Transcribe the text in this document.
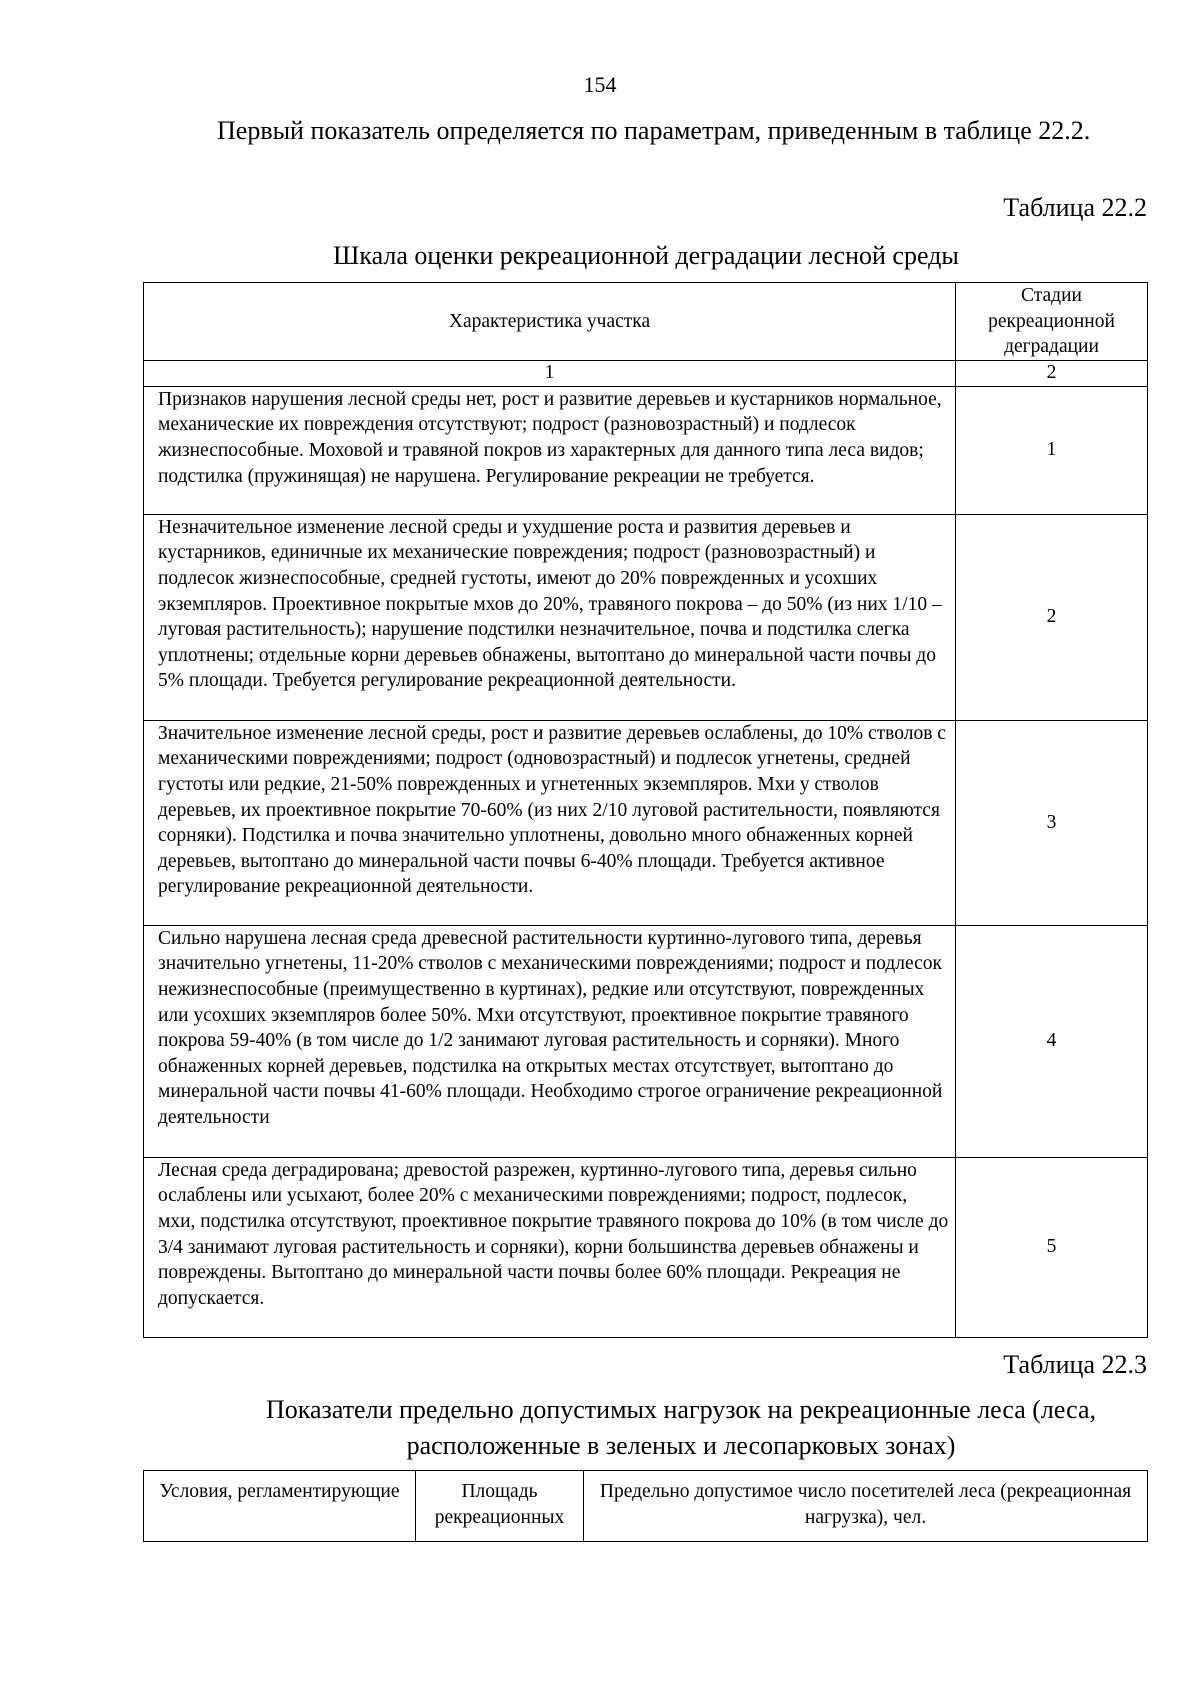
154

Первый показатель определяется по параметрам, приведенным в таблице 22.2.

Таблица 22.2

Шкала оценки рекреационной деградации лесной среды

Характеристика участка	Стадии рекреационной деградации
1	2
Признаков нарушения лесной среды нет, рост и развитие деревьев и кустарников нормальное, механические их повреждения отсутствуют; подрост (разновозрастный) и подлесок жизнеспособные. Моховой и травяной покров из характерных для данного типа леса видов; подстилка (пружинящая) не нарушена. Регулирование рекреации не требуется.	1
Незначительное изменение лесной среды и ухудшение роста и развития деревьев и кустарников, единичные их механические повреждения; подрост (разновозрастный) и подлесок жизнеспособные, средней густоты, имеют до 20% поврежденных и усохших экземпляров. Проективное покрытые мхов до 20%, травяного покрова – до 50% (из них 1/10 – луговая растительность); нарушение подстилки незначительное, почва и подстилка слегка уплотнены; отдельные корни деревьев обнажены, вытоптано до минеральной части почвы до 5% площади. Требуется регулирование рекреационной деятельности.	2
Значительное изменение лесной среды, рост и развитие деревьев ослаблены, до 10% стволов с механическими повреждениями; подрост (одновозрастный) и подлесок угнетены, средней густоты или редкие, 21-50% поврежденных и угнетенных экземпляров. Мхи у стволов деревьев, их проективное покрытие 70-60% (из них 2/10 луговой растительности, появляются сорняки). Подстилка и почва значительно уплотнены, довольно много обнаженных корней деревьев, вытоптано до минеральной части почвы 6-40% площади. Требуется активное регулирование рекреационной деятельности.	3
Сильно нарушена лесная среда древесной растительности куртинно-лугового типа, деревья значительно угнетены, 11-20% стволов с механическими повреждениями; подрост и подлесок нежизнеспособные (преимущественно в куртинах), редкие или отсутствуют, поврежденных или усохших экземпляров более 50%. Мхи отсутствуют, проективное покрытие травяного покрова 59-40% (в том числе до 1/2 занимают луговая растительность и сорняки). Много обнаженных корней деревьев, подстилка на открытых местах отсутствует, вытоптано до минеральной части почвы 41-60% площади. Необходимо строгое ограничение рекреационной деятельности	4
Лесная среда деградирована; древостой разрежен, куртинно-лугового типа, деревья сильно ослаблены или усыхают, более 20% с механическими повреждениями; подрост, подлесок, мхи, подстилка отсутствуют, проективное покрытие травяного покрова до 10% (в том числе до 3/4 занимают луговая растительность и сорняки), корни большинства деревьев обнажены и повреждены. Вытоптано до минеральной части почвы более 60% площади. Рекреация не допускается.	5

Таблица 22.3

Показатели предельно допустимых нагрузок на рекреационные леса (леса, расположенные в зеленых и лесопарковых зонах)

Условия, регламентирующие	Площадь рекреационных	Предельно допустимое число посетителей леса (рекреационная нагрузка), чел.
